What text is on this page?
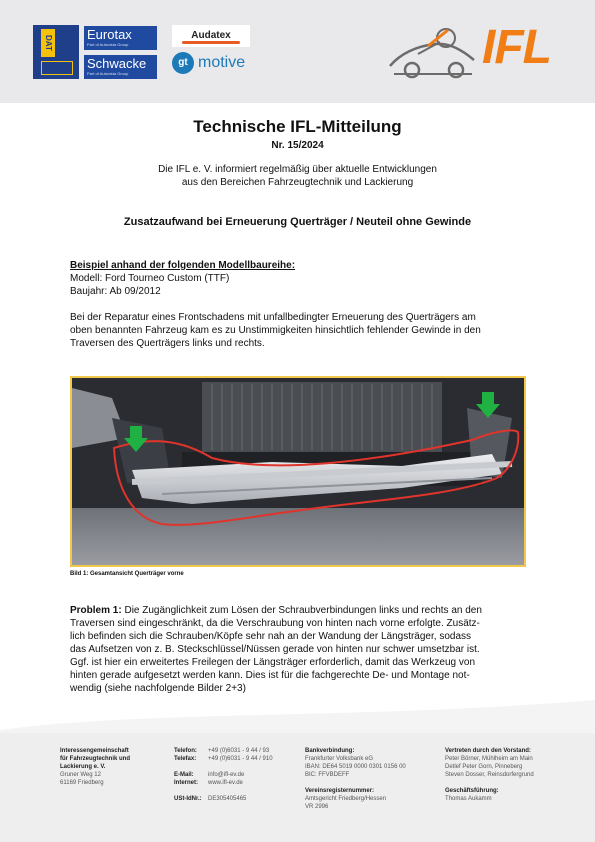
DAT
Eurotax
Part of Autovista Group
Schwacke
Part of Autovista Group
Audatex
gt motive	IFL
Technische IFL-Mitteilung
Nr. 15/2024
Die IFL e. V. informiert regelmäßig über aktuelle Entwicklungen
aus den Bereichen Fahrzeugtechnik und Lackierung
Zusatzaufwand bei Erneuerung Querträger / Neuteil ohne Gewinde
Beispiel anhand der folgenden Modellbaureihe:
Modell: Ford Tourneo Custom (TTF)
Baujahr: Ab 09/2012
Bei der Reparatur eines Frontschadens mit unfallbedingter Erneuerung des Querträgers am
oben benannten Fahrzeug kam es zu Unstimmigkeiten hinsichtlich fehlender Gewinde in den
Traversen des Querträgers links und rechts.
Bild 1: Gesamtansicht Querträger vorne
Problem 1: Die Zugänglichkeit zum Lösen der Schraubverbindungen links und rechts an den
Traversen sind eingeschränkt, da die Verschraubung von hinten nach vorne erfolgte. Zusätz-
lich befinden sich die Schrauben/Köpfe sehr nah an der Wandung der Längsträger, sodass
das Aufsetzen von z. B. Steckschlüssel/Nüssen gerade von hinten nur schwer umsetzbar ist.
Ggf. ist hier ein erweitertes Freilegen der Längsträger erforderlich, damit das Werkzeug von
hinten gerade aufgesetzt werden kann. Dies ist für die fachgerechte De- und Montage not-
wendig (siehe nachfolgende Bilder 2+3)
Interessengemeinschaft
für Fahrzeugtechnik und
Lackierung e. V.
Gruner Weg 12
61169 Friedberg
Telefon:
Telefax:

E-Mail:
Internet:

USt-IdNr.:
+49 (0)6031 - 9 44 / 93
+49 (0)6031 - 9 44 / 910

info@ifl-ev.de
www.ifl-ev.de

DE305405465
Bankverbindung:
Frankfurter Volksbank eG
IBAN: DE64 5019 0000 0301 0156 00
BIC: FFVBDEFF

Vereinsregisternummer:
Amtsgericht Friedberg/Hessen
VR 2996
Vertreten durch den Vorstand:
Peter Börner, Mühlheim am Main
Detlef Peter Gorn, Pinneberg
Steven Dosser, Reinsdorfergrund

Geschäftsführung:
Thomas Aukamm
